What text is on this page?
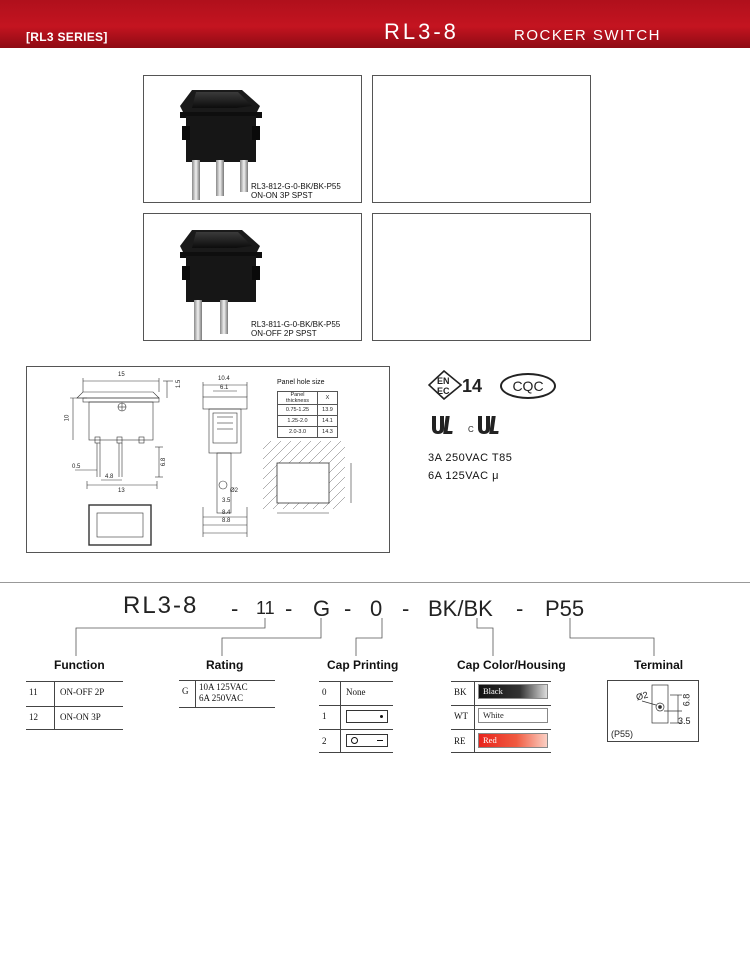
[RL3 SERIES]	RL3-8	ROCKER SWITCH
RL3-812-G-0-BK/BK-P55
ON-ON 3P SPST
RL3-811-G-0-BK/BK-P55
ON-OFF 2P SPST
15
1.5
10
0.5
4.8
6.8
13
10.4
6.1
Ø2
3.5
8.4
8.8
Panel hole size
Panel thickness	X
0.75-1.25	13.9
1.25-2.0	14.1
2.0-3.0	14.3
EN
EC 14	CQC
C
3A 250VAC T85
6A 125VAC μ
RL3-8 - 11 - G - 0 - BK/BK - P55
Function
11 ON-OFF 2P
12 ON-ON 3P
Rating
G 10A 125VAC
6A 250VAC
Cap Printing
0 None
1
2
Cap Color/Housing
BK	Black
WT	White
RE	Red
Terminal
Ø2	6.8
3.5
(P55)
